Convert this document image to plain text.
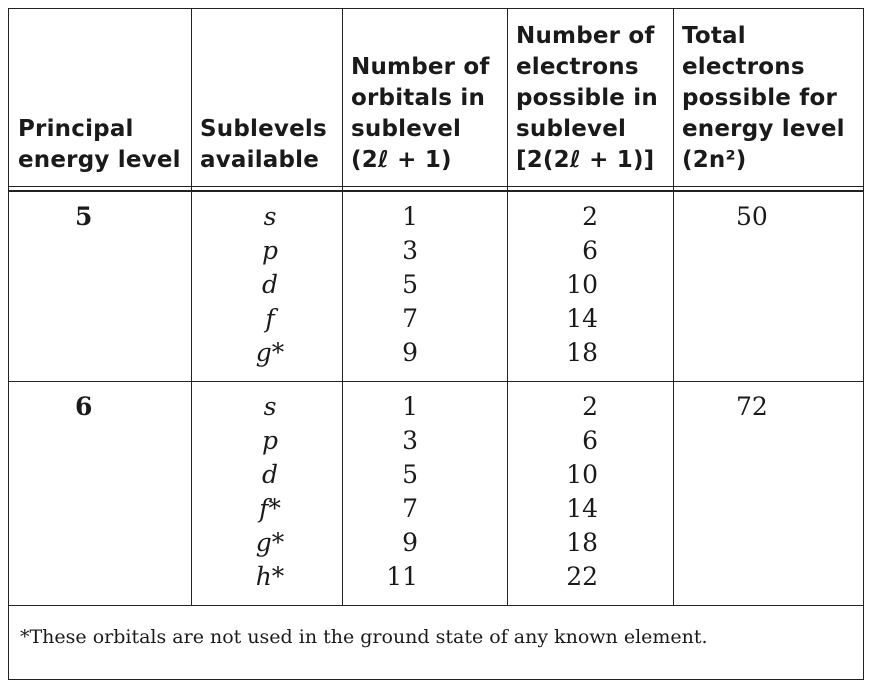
Principal
energy level
Sublevels
available
Number of
orbitals in
sublevel
(2ℓ + 1)
Number of
electrons
possible in
sublevel
[2(2ℓ + 1)]
Total
electrons
possible for
energy level
(2n²)
5	s
p
d
f
g*
1
3
5
7
9
2
6
10
14
18
50
6	s
p
d
f*
g*
h*
1
3
5
7
9
11
2
6
10
14
18
22
72
*These orbitals are not used in the ground state of any known element.
